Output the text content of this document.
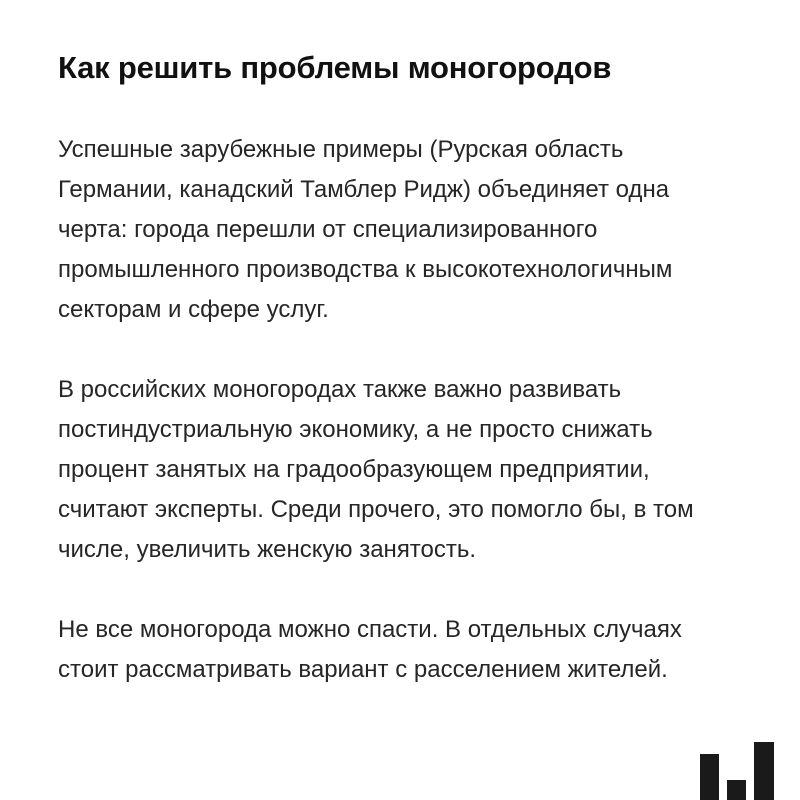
Как решить проблемы моногородов

Успешные зарубежные примеры (Рурская область Германии, канадский Тамблер Ридж) объединяет одна черта: города перешли от специализированного промышленного производства к высокотехнологичным секторам и сфере услуг.

В российских моногородах также важно развивать постиндустриальную экономику, а не просто снижать процент занятых на градообразующем предприятии, считают эксперты. Среди прочего, это помогло бы, в том числе, увеличить женскую занятость.

Не все моногорода можно спасти. В отдельных случаях стоит рассматривать вариант с расселением жителей.
